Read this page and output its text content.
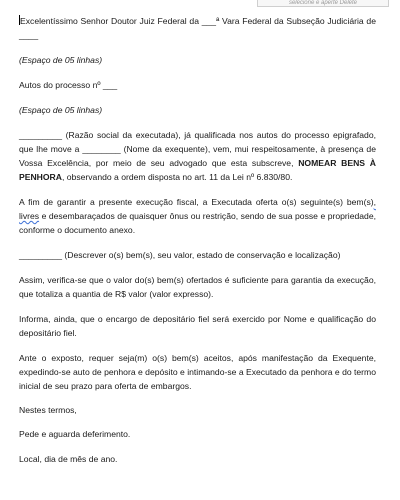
selecione e aperte Delete

Excelentíssimo Senhor Doutor Juiz Federal da ___ª Vara Federal da Subseção Judiciária de ____

(Espaço de 05 linhas)

Autos do processo nº ___

(Espaço de 05 linhas)

_________ (Razão social da executada), já qualificada nos autos do processo epigrafado, que lhe move a ________ (Nome da exequente), vem, mui respeitosamente, à presença de Vossa Excelência, por meio de seu advogado que esta subscreve, NOMEAR BENS À PENHORA, observando a ordem disposta no art. 11 da Lei nº 6.830/80.

A fim de garantir a presente execução fiscal, a Executada oferta o(s) seguinte(s) bem(s), livres e desembaraçados de quaisquer ônus ou restrição, sendo de sua posse e propriedade, conforme o documento anexo.

_________ (Descrever o(s) bem(s), seu valor, estado de conservação e localização)

Assim, verifica-se que o valor do(s) bem(s) ofertados é suficiente para garantia da execução, que totaliza a quantia de R$ valor (valor expresso).

Informa, ainda, que o encargo de depositário fiel será exercido por Nome e qualificação do depositário fiel.

Ante o exposto, requer seja(m) o(s) bem(s) aceitos, após manifestação da Exequente, expedindo-se auto de penhora e depósito e intimando-se a Executado da penhora e do termo inicial de seu prazo para oferta de embargos.

Nestes termos,

Pede e aguarda deferimento.

Local, dia de mês de ano.
